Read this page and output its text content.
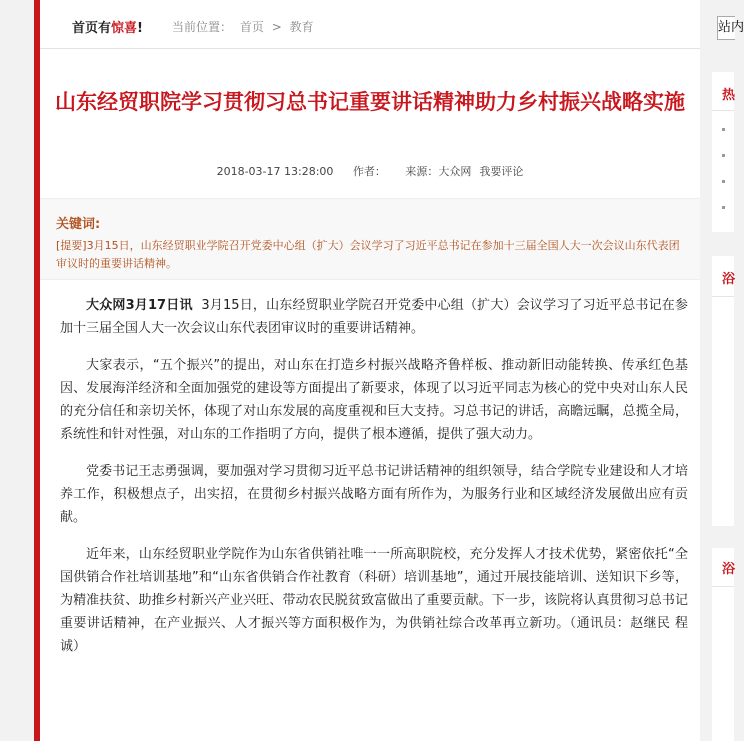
首页有惊喜! 当前位置： 首页 > 教育
山东经贸职院学习贯彻习总书记重要讲话精神助力乡村振兴战略实施
2018-03-17 13:28:00 作者： 来源：大众网 我要评论
关键词:
[提要]3月15日，山东经贸职业学院召开党委中心组（扩大）会议学习了习近平总书记在参加十三届全国人大一次会议山东代表团审议时的重要讲话精神。

大众网3月17日讯 3月15日，山东经贸职业学院召开党委中心组（扩大）会议学习了习近平总书记在参加十三届全国人大一次会议山东代表团审议时的重要讲话精神。

大家表示，“五个振兴”的提出，对山东在打造乡村振兴战略齐鲁样板、推动新旧动能转换、传承红色基因、发展海洋经济和全面加强党的建设等方面提出了新要求，体现了以习近平同志为核心的党中央对山东人民的充分信任和亲切关怀，体现了对山东发展的高度重视和巨大支持。习总书记的讲话，高瞻远瞩，总揽全局，系统性和针对性强，对山东的工作指明了方向，提供了根本遵循，提供了强大动力。

党委书记王志勇强调，要加强对学习贯彻习近平总书记讲话精神的组织领导，结合学院专业建设和人才培养工作，积极想点子，出实招，在贯彻乡村振兴战略方面有所作为，为服务行业和区域经济发展做出应有贡献。

近年来，山东经贸职业学院作为山东省供销社唯一一所高职院校，充分发挥人才技术优势，紧密依托“全国供销合作社培训基地”和“山东省供销合作社教育（科研）培训基地”，通过开展技能培训、送知识下乡等，为精准扶贫、助推乡村新兴产业兴旺、带动农民脱贫致富做出了重要贡献。下一步，该院将认真贯彻习总书记重要讲话精神，在产业振兴、人才振兴等方面积极作为，为供销社综合改革再立新功。（通讯员：赵继民 程诚）

站内
热
浴
浴
